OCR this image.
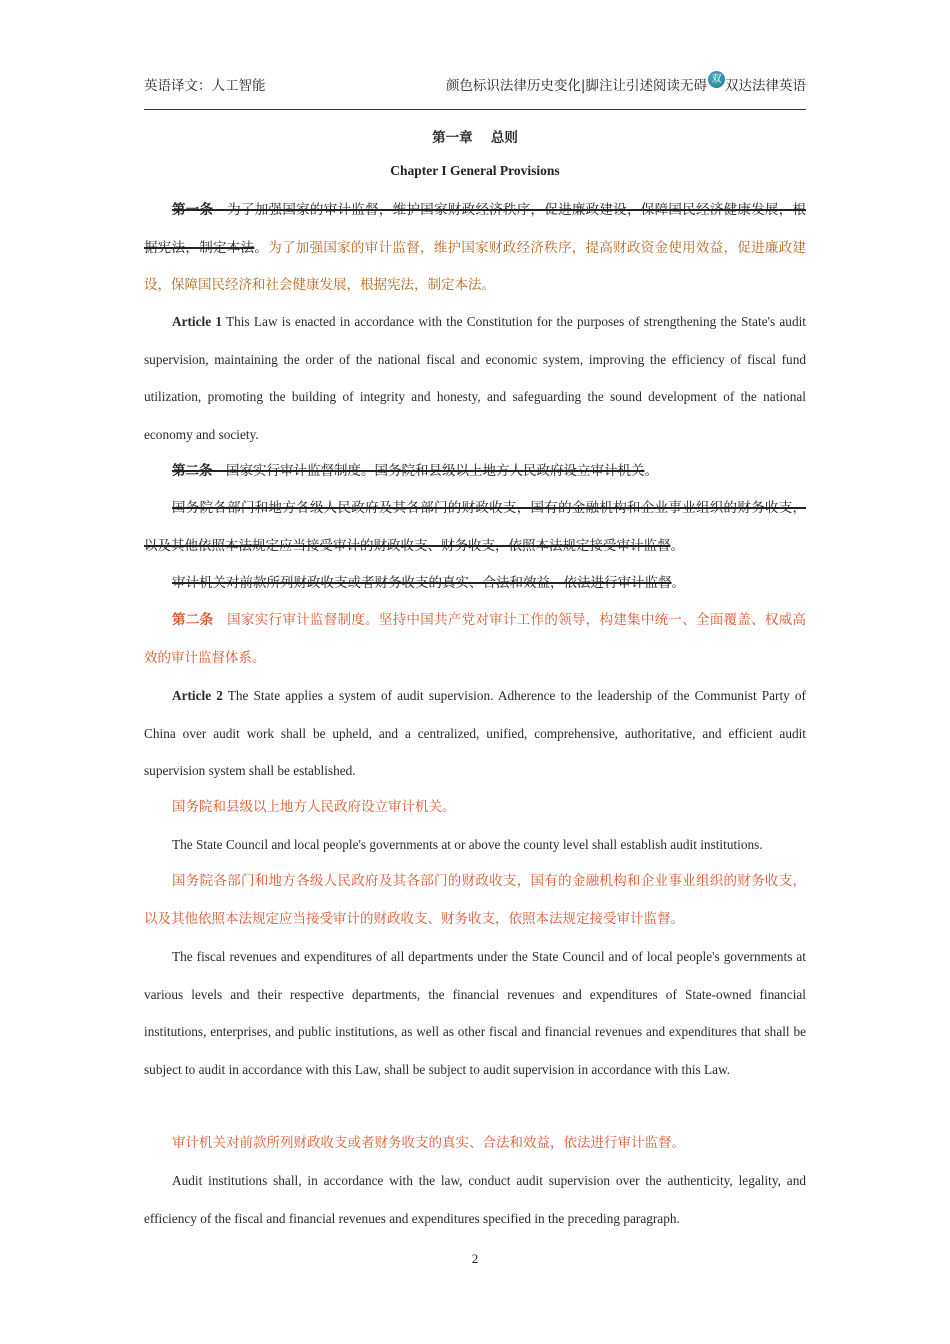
英语译文：人工智能	颜色标识法律历史变化|脚注让引述阅读无碍 双 双达法律英语
第一章　 总则
Chapter I General Provisions
第一条　 为了加强国家的审计监督，维护国家财政经济秩序，促进廉政建设，保障国民经济健康发展，根据宪法，制定本法。为了加强国家的审计监督，维护国家财政经济秩序，提高财政资金使用效益，促进廉政建设，保障国民经济和社会健康发展，根据宪法，制定本法。
Article 1 This Law is enacted in accordance with the Constitution for the purposes of strengthening the State's audit supervision, maintaining the order of the national fiscal and economic system, improving the efficiency of fiscal fund utilization, promoting the building of integrity and honesty, and safeguarding the sound development of the national economy and society.
第二条　 国家实行审计监督制度。国务院和县级以上地方人民政府设立审计机关。
国务院各部门和地方各级人民政府及其各部门的财政收支，国有的金融机构和企业事业组织的财务收支，以及其他依照本法规定应当接受审计的财政收支、财务收支，依照本法规定接受审计监督。
审计机关对前款所列财政收支或者财务收支的真实、合法和效益，依法进行审计监督。
第二条　 国家实行审计监督制度。坚持中国共产党对审计工作的领导，构建集中统一、全面覆盖、权威高效的审计监督体系。
Article 2 The State applies a system of audit supervision. Adherence to the leadership of the Communist Party of China over audit work shall be upheld, and a centralized, unified, comprehensive, authoritative, and efficient audit supervision system shall be established.
国务院和县级以上地方人民政府设立审计机关。
The State Council and local people's governments at or above the county level shall establish audit institutions.
国务院各部门和地方各级人民政府及其各部门的财政收支，国有的金融机构和企业事业组织的财务收支，以及其他依照本法规定应当接受审计的财政收支、财务收支，依照本法规定接受审计监督。
The fiscal revenues and expenditures of all departments under the State Council and of local people's governments at various levels and their respective departments, the financial revenues and expenditures of State-owned financial institutions, enterprises, and public institutions, as well as other fiscal and financial revenues and expenditures that shall be subject to audit in accordance with this Law, shall be subject to audit supervision in accordance with this Law.
审计机关对前款所列财政收支或者财务收支的真实、合法和效益，依法进行审计监督。
Audit institutions shall, in accordance with the law, conduct audit supervision over the authenticity, legality, and efficiency of the fiscal and financial revenues and expenditures specified in the preceding paragraph.
2
